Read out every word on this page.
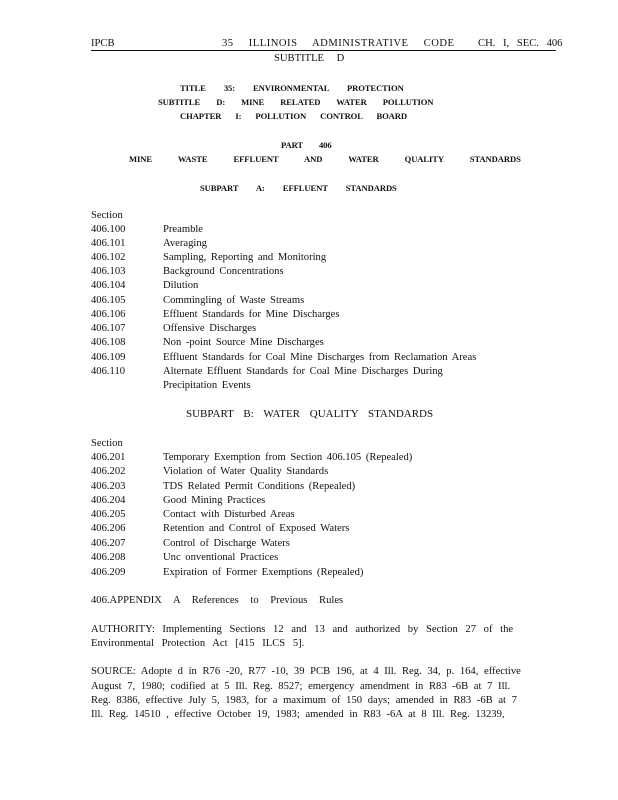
IPCB	35 ILLINOIS ADMINISTRATIVE CODE CH. I, SEC. 406
SUBTITLE D
TITLE 35: ENVIRONMENTAL PROTECTION
SUBTITLE D: MINE RELATED WATER POLLUTION
CHAPTER I: POLLUTION CONTROL BOARD
PART 406
MINE WASTE EFFLUENT AND WATER QUALITY STANDARDS
SUBPART A: EFFLUENT STANDARDS
Section
406.100	Preamble
406.101	Averaging
406.102	Sampling, Reporting and Monitoring
406.103	Background Concentrations
406.104	Dilution
406.105	Commingling of Waste Streams
406.106	Effluent Standards for Mine Discharges
406.107	Offensive Discharges
406.108	Non -point Source Mine Discharges
406.109	Effluent Standards for Coal Mine Discharges from Reclamation Areas
406.110	Alternate Effluent Standards for Coal Mine Discharges During
Precipitation Events
SUBPART B: WATER QUALITY STANDARDS
Section
406.201	Temporary Exemption from Section 406.105 (Repealed)
406.202	Violation of Water Quality Standards
406.203	TDS Related Permit Conditions (Repealed)
406.204	Good Mining Practices
406.205	Contact with Disturbed Areas
406.206	Retention and Control of Exposed Waters
406.207	Control of Discharge Waters
406.208	Unc onventional Practices
406.209	Expiration of Former Exemptions (Repealed)
406.APPENDIX A References to Previous Rules
AUTHORITY: Implementing Sections 12 and 13 and authorized by Section 27 of the
Environmental Protection Act [415 ILCS 5].
SOURCE: Adopte d in R76 -20, R77 -10, 39 PCB 196, at 4 Ill. Reg. 34, p. 164, effective
August 7, 1980; codified at 5 Ill. Reg. 8527; emergency amendment in R83 -6B at 7 Ill.
Reg. 8386, effective July 5, 1983, for a maximum of 150 days; amended in R83 -6B at 7
Ill. Reg. 14510 , effective October 19, 1983; amended in R83 -6A at 8 Ill. Reg. 13239,
